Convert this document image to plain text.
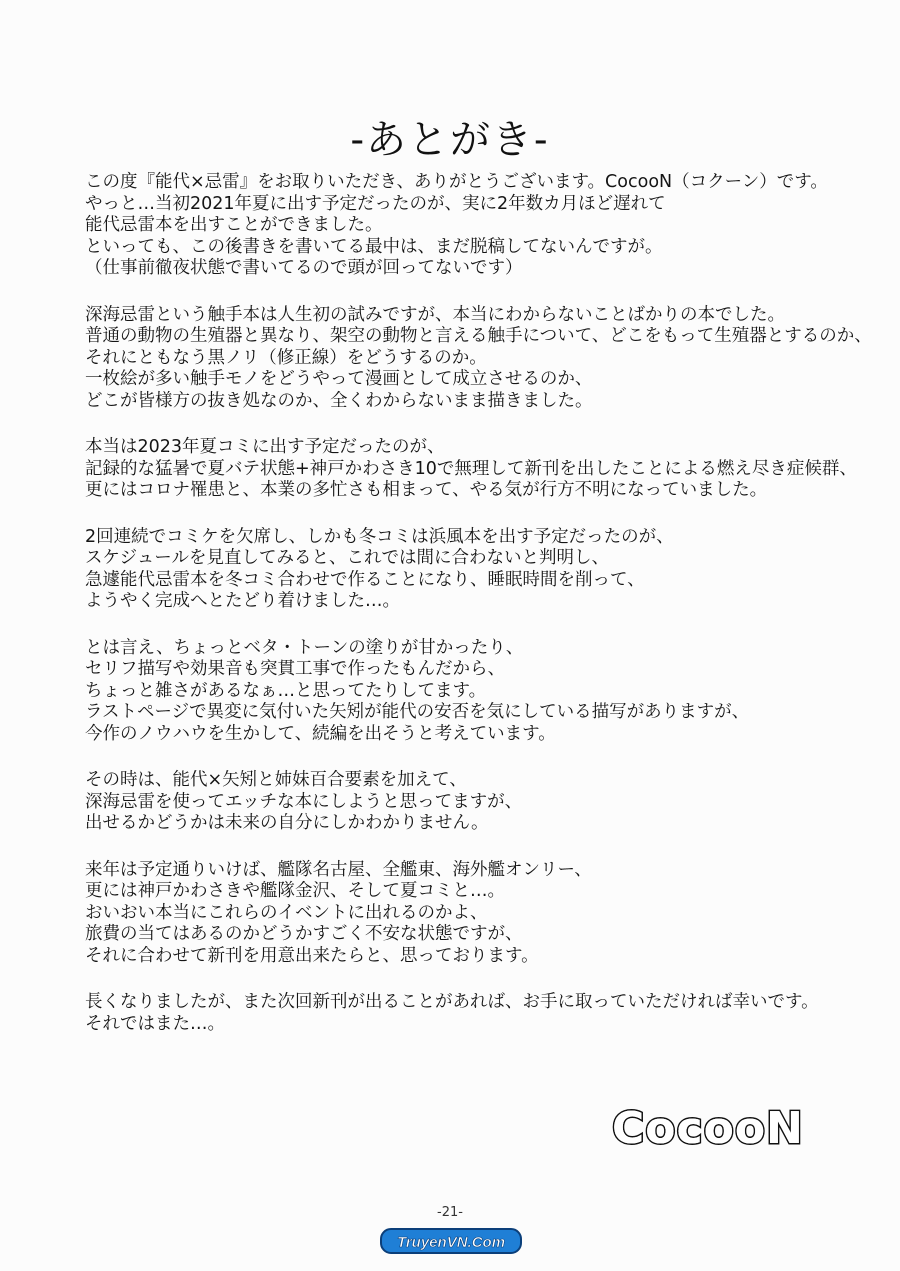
-あとがき-
この度『能代×忌雷』をお取りいただき、ありがとうございます。CocooN（コクーン）です。
やっと…当初2021年夏に出す予定だったのが、実に2年数カ月ほど遅れて
能代忌雷本を出すことができました。
といっても、この後書きを書いてる最中は、まだ脱稿してないんですが。
（仕事前徹夜状態で書いてるので頭が回ってないです）
深海忌雷という触手本は人生初の試みですが、本当にわからないことばかりの本でした。
普通の動物の生殖器と異なり、架空の動物と言える触手について、どこをもって生殖器とするのか、
それにともなう黒ノリ（修正線）をどうするのか。
一枚絵が多い触手モノをどうやって漫画として成立させるのか、
どこが皆様方の抜き処なのか、全くわからないまま描きました。
本当は2023年夏コミに出す予定だったのが、
記録的な猛暑で夏バテ状態+神戸かわさき10で無理して新刊を出したことによる燃え尽き症候群、
更にはコロナ罹患と、本業の多忙さも相まって、やる気が行方不明になっていました。
2回連続でコミケを欠席し、しかも冬コミは浜風本を出す予定だったのが、
スケジュールを見直してみると、これでは間に合わないと判明し、
急遽能代忌雷本を冬コミ合わせで作ることになり、睡眠時間を削って、
ようやく完成へとたどり着けました…。
とは言え、ちょっとベタ・トーンの塗りが甘かったり、
セリフ描写や効果音も突貫工事で作ったもんだから、
ちょっと雑さがあるなぁ…と思ってたりしてます。
ラストページで異変に気付いた矢矧が能代の安否を気にしている描写がありますが、
今作のノウハウを生かして、続編を出そうと考えています。
その時は、能代×矢矧と姉妹百合要素を加えて、
深海忌雷を使ってエッチな本にしようと思ってますが、
出せるかどうかは未来の自分にしかわかりません。
来年は予定通りいけば、艦隊名古屋、全艦東、海外艦オンリー、
更には神戸かわさきや艦隊金沢、そして夏コミと…。
おいおい本当にこれらのイベントに出れるのかよ、
旅費の当てはあるのかどうかすごく不安な状態ですが、
それに合わせて新刊を用意出来たらと、思っております。
長くなりましたが、また次回新刊が出ることがあれば、お手に取っていただければ幸いです。
それではまた…。
CocooN
-21-
TruyenVN.Com
